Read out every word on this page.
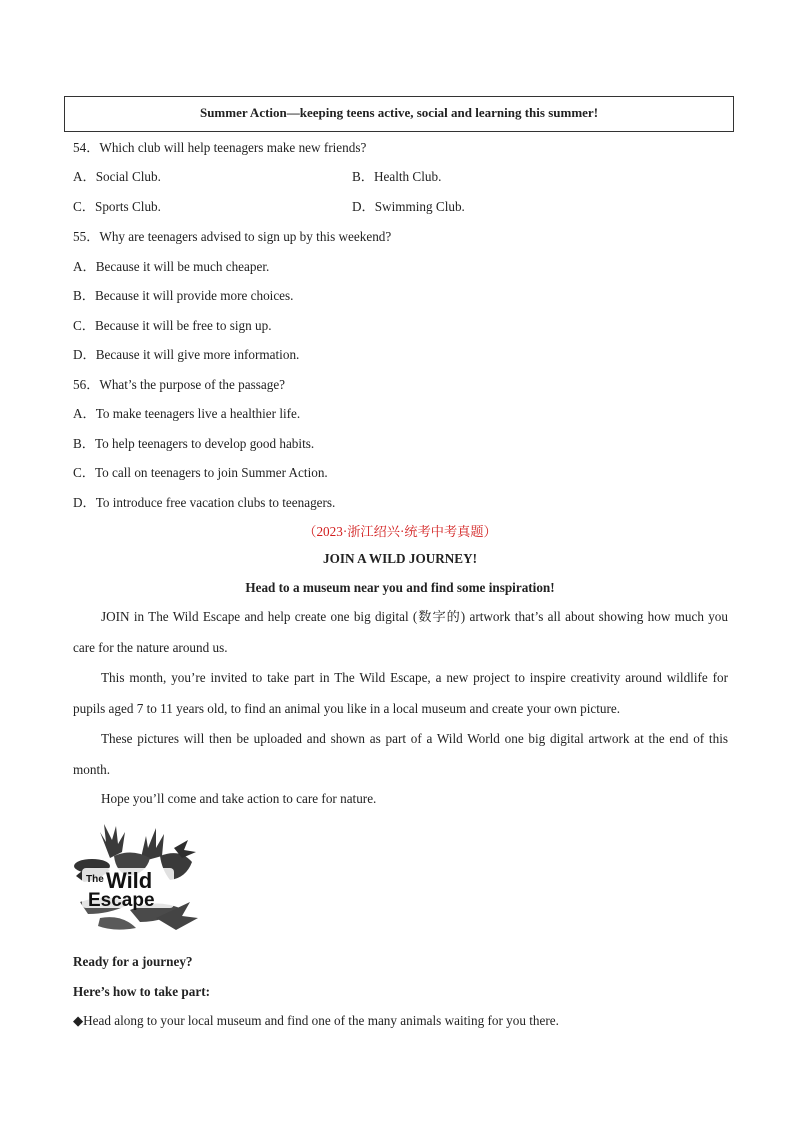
Summer Action—keeping teens active, social and learning this summer!
54．Which club will help teenagers make new friends?
A．Social Club.	B．Health Club.
C．Sports Club.	D．Swimming Club.
55．Why are teenagers advised to sign up by this weekend?
A．Because it will be much cheaper.
B．Because it will provide more choices.
C．Because it will be free to sign up.
D．Because it will give more information.
56．What’s the purpose of the passage?
A．To make teenagers live a healthier life.
B．To help teenagers to develop good habits.
C．To call on teenagers to join Summer Action.
D．To introduce free vacation clubs to teenagers.
（2023·浙江绍兴·统考中考真题）
JOIN A WILD JOURNEY!
Head to a museum near you and find some inspiration!
JOIN in The Wild Escape and help create one big digital (数字的) artwork that’s all about showing how much you care for the nature around us.
This month, you’re invited to take part in The Wild Escape, a new project to inspire creativity around wildlife for pupils aged 7 to 11 years old, to find an animal you like in a local museum and create your own picture.
These pictures will then be uploaded and shown as part of a Wild World one big digital artwork at the end of this month.
Hope you’ll come and take action to care for nature.
The Wild
Escape
Ready for a journey?
Here’s how to take part:
◆Head along to your local museum and find one of the many animals waiting for you there.
